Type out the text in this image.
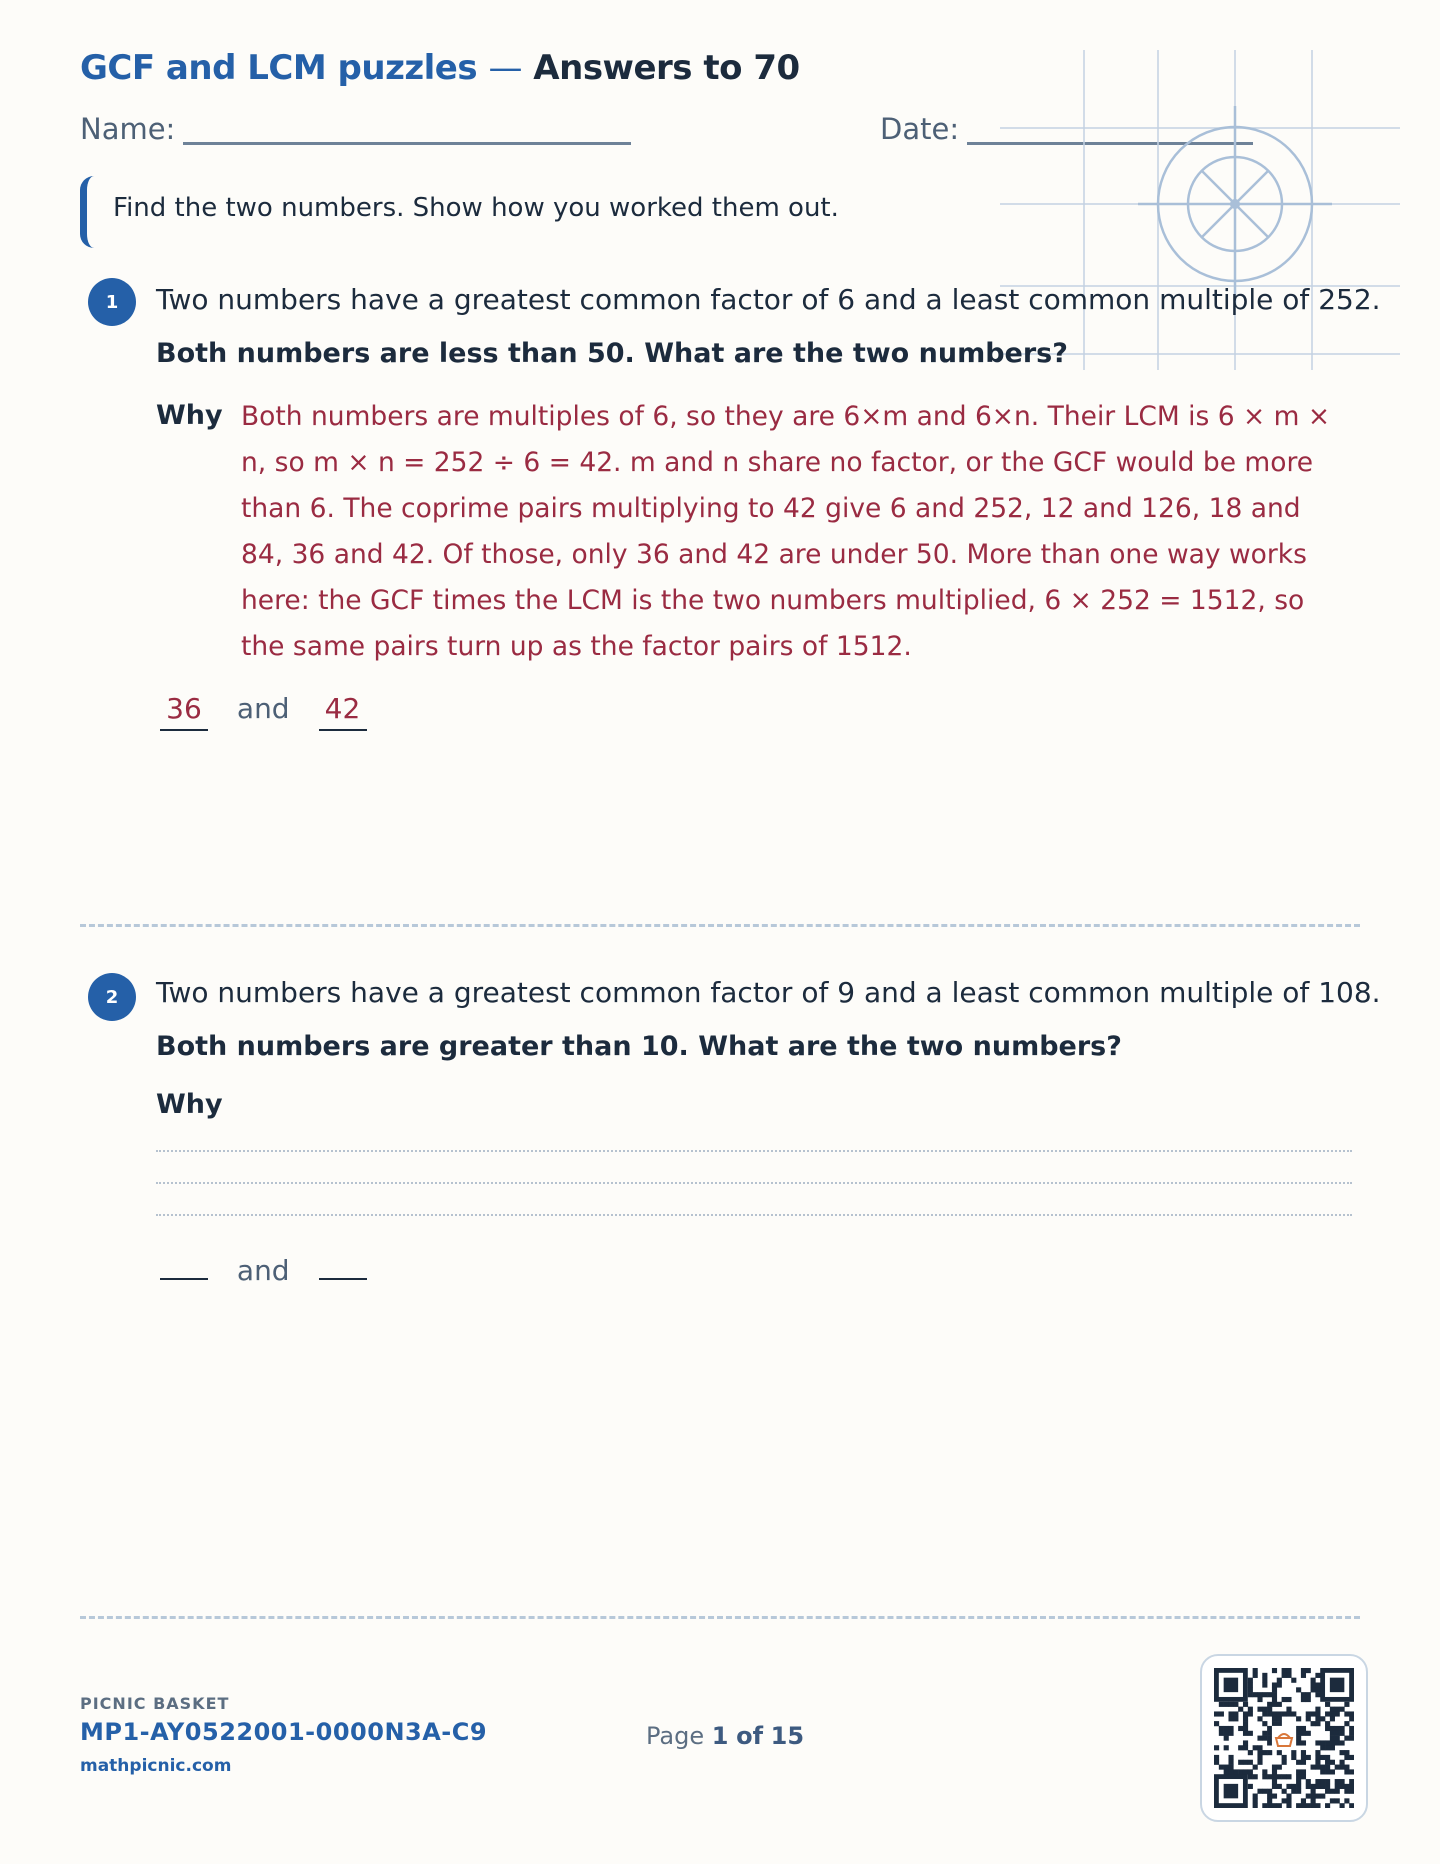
GCF and LCM puzzles — Answers to 70
Name:	Date:
Find the two numbers. Show how you worked them out.
1 Two numbers have a greatest common factor of 6 and a least common multiple of 252.
Both numbers are less than 50. What are the two numbers?
Why Both numbers are multiples of 6, so they are 6×m and 6×n. Their LCM is 6 × m × n, so m × n = 252 ÷ 6 = 42. m and n share no factor, or the GCF would be more than 6. The coprime pairs multiplying to 42 give 6 and 252, 12 and 126, 18 and 84, 36 and 42. Of those, only 36 and 42 are under 50. More than one way works here: the GCF times the LCM is the two numbers multiplied, 6 × 252 = 1512, so the same pairs turn up as the factor pairs of 1512.
36 and 42
2 Two numbers have a greatest common factor of 9 and a least common multiple of 108.
Both numbers are greater than 10. What are the two numbers?
Why
and
PICNIC BASKET
MP1-AY0522001-0000N3A-C9
mathpicnic.com
Page 1 of 15
